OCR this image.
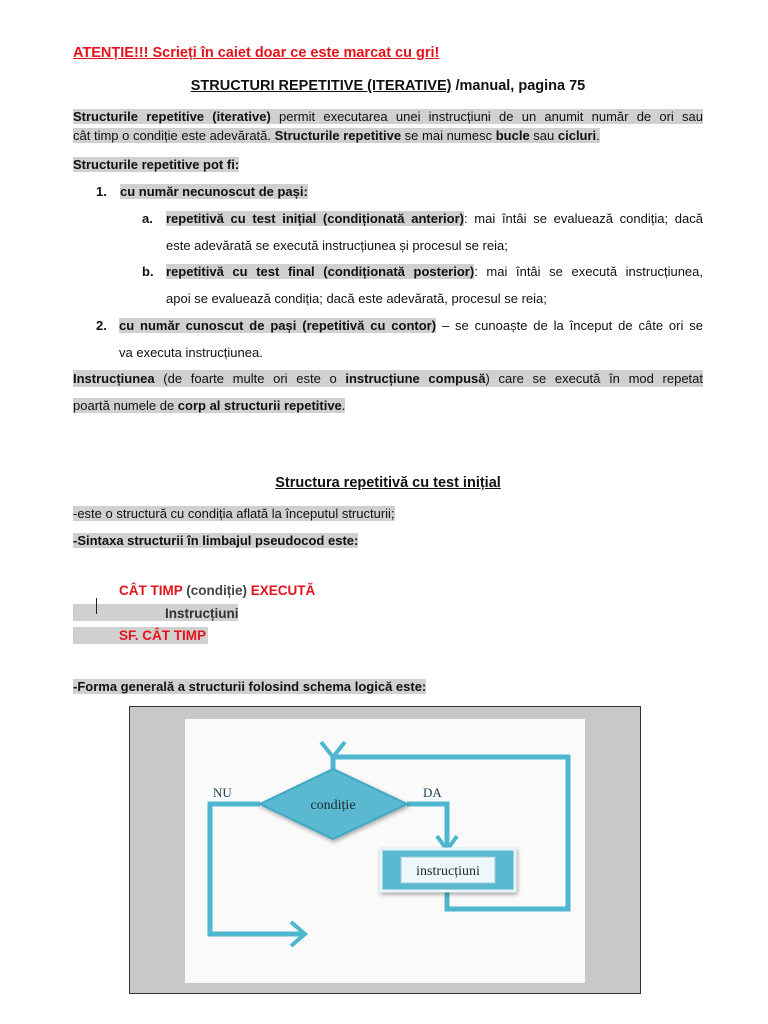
ATENȚIE!!! Scrieți în caiet doar ce este marcat cu gri!
STRUCTURI REPETITIVE (ITERATIVE) /manual, pagina 75
Structurile repetitive (iterative) permit executarea unei instrucțiuni de un anumit număr de ori sau
cât timp o condiție este adevărată. Structurile repetitive se mai numesc bucle sau cicluri.
Structurile repetitive pot fi:
1. cu număr necunoscut de pași:
a.	repetitivă cu test inițial (condiționată anterior): mai întâi se evaluează condiția; dacă
este adevărată se execută instrucțiunea și procesul se reia;
b. repetitivă cu test final (condiționată posterior): mai întâi se execută instrucțiunea,
apoi se evaluează condiția; dacă este adevărată, procesul se reia;
2. cu număr cunoscut de pași (repetitivă cu contor) – se cunoaște de la început de câte ori se
va executa instrucțiunea.
Instrucțiunea (de foarte multe ori este o instrucțiune compusă) care se execută în mod repetat
poartă numele de corp al structurii repetitive.
Structura repetitivă cu test inițial
-este o structură cu condiția aflată la începutul structurii;
-Sintaxa structurii în limbajul pseudocod este:
CÂT TIMP (condiție) EXECUTĂ
Instrucțiuni
SF. CÂT TIMP
-Forma generală a structurii folosind schema logică este:
condiție
NU	DA
instrucțiuni
